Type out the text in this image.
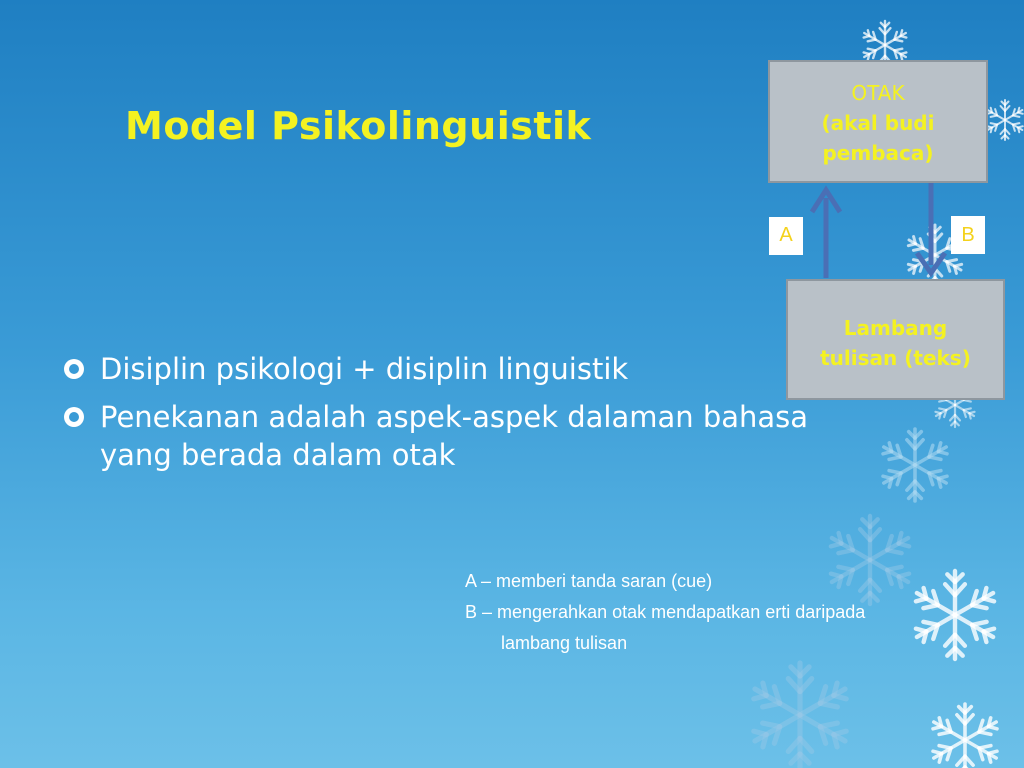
Model Psikolinguistik
Disiplin psikologi + disiplin linguistik
Penekanan adalah aspek-aspek dalaman bahasa yang berada dalam otak
OTAK
(akal budi
pembaca)
A	B
Lambang
tulisan (teks)
A – memberi tanda saran (cue)
B – mengerahkan otak mendapatkan erti daripada
lambang tulisan
